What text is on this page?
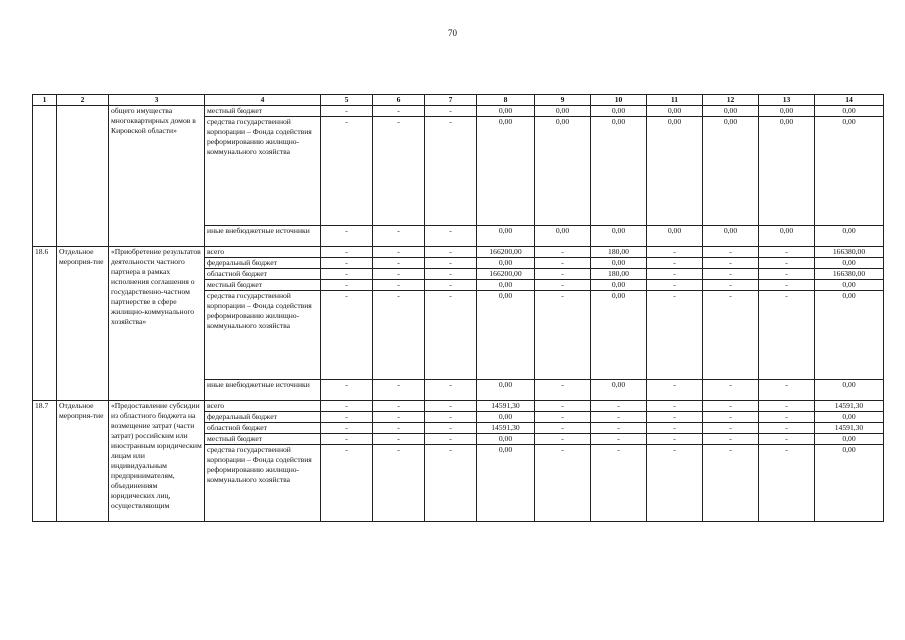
70
1	2	3	4	5	6	7	8	9	10	11	12	13	14
		общего имущества многоквартирных домов в Кировской области»	местный бюджет	-	-	-	0,00	0,00	0,00	0,00	0,00	0,00	0,00
			средства государственной корпорации – Фонда содействия реформированию жилищно-коммунального хозяйства	-	-	-	0,00	0,00	0,00	0,00	0,00	0,00	0,00
			иные внебюджетные источники	-	-	-	0,00	0,00	0,00	0,00	0,00	0,00	0,00
18.6	Отдельное мероприя-тие	«Приобретение результатов деятельности частного партнера в рамках исполнения соглашения о государственно-частном партнерстве в сфере жилищно-коммунального хозяйства»	всего	-	-	-	166200,00	-	180,00	-	-	-	166380,00
			федеральный бюджет	-	-	-	0,00	-	0,00	-	-	-	0,00
			областной бюджет	-	-	-	166200,00	-	180,00	-	-	-	166380,00
			местный бюджет	-	-	-	0,00	-	0,00	-	-	-	0,00
			средства государственной корпорации – Фонда содействия реформированию жилищно-коммунального хозяйства	-	-	-	0,00	-	0,00	-	-	-	0,00
			иные внебюджетные источники	-	-	-	0,00	-	0,00	-	-	-	0,00
18.7	Отдельное мероприя-тие	«Предоставление субсидии из областного бюджета на возмещение затрат (части затрат) российским или иностранным юридическим лицам или индивидуальным предпринимателям, объединениям юридических лиц, осуществляющим	всего	-	-	-	14591,30	-	-	-	-	-	14591,30
			федеральный бюджет	-	-	-	0,00	-	-	-	-	-	0,00
			областной бюджет	-	-	-	14591,30	-	-	-	-	-	14591,30
			местный бюджет	-	-	-	0,00	-	-	-	-	-	0,00
			средства государственной корпорации – Фонда содействия реформированию жилищно-коммунального хозяйства	-	-	-	0,00	-	-	-	-	-	0,00
